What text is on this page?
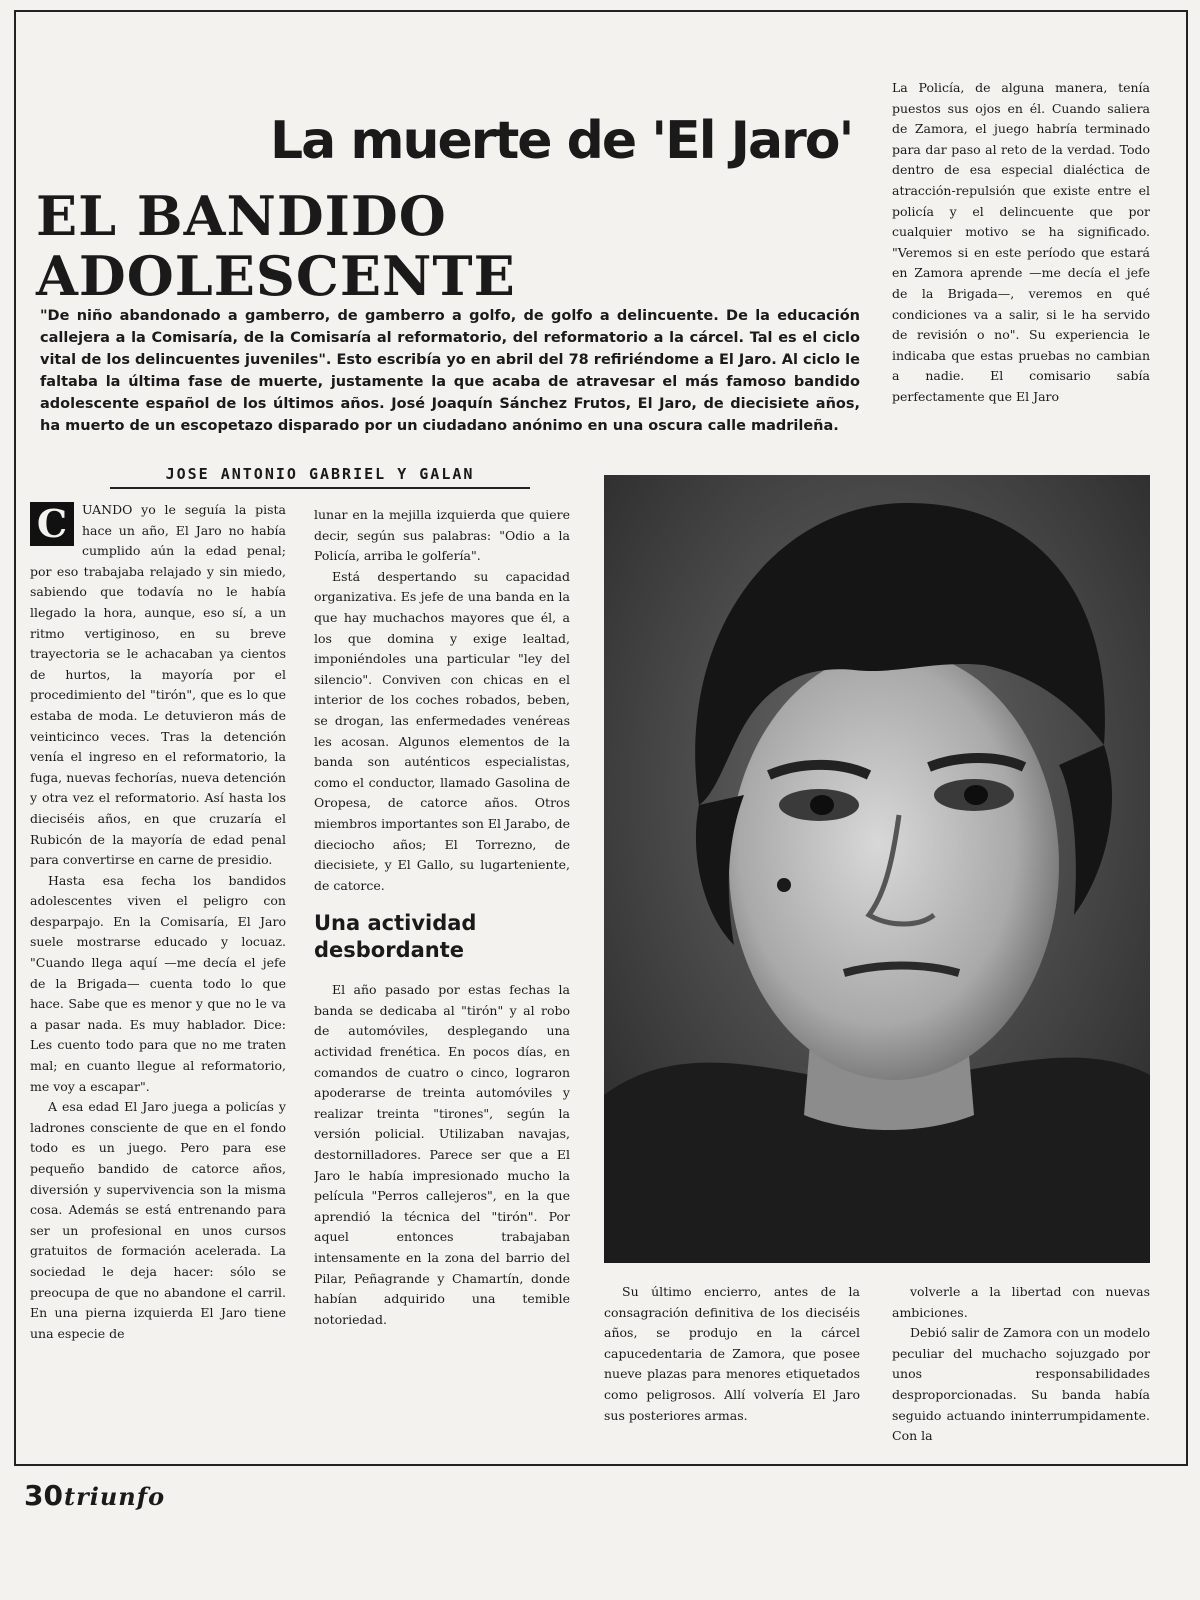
La muerte de 'El Jaro'
EL BANDIDO ADOLESCENTE

La Policía, de alguna manera, tenía puestos sus ojos en él. Cuando saliera de Zamora, el juego habría terminado para dar paso al reto de la verdad. Todo dentro de esa especial dialéctica de atracción-repulsión que existe entre el policía y el delincuente que por cualquier motivo se ha significado. "Veremos si en este período que estará en Zamora aprende —me decía el jefe de la Brigada—, veremos en qué condiciones va a salir, si le ha servido de revisión o no". Su experiencia le indicaba que estas pruebas no cambian a nadie. El comisario sabía perfectamente que El Jaro

"De niño abandonado a gamberro, de gamberro a golfo, de golfo a delincuente. De la educación callejera a la Comisaría, de la Comisaría al reformatorio, del reformatorio a la cárcel. Tal es el ciclo vital de los delincuentes juveniles". Esto escribía yo en abril del 78 refiriéndome a El Jaro. Al ciclo le faltaba la última fase de muerte, justamente la que acaba de atravesar el más famoso bandido adolescente español de los últimos años. José Joaquín Sánchez Frutos, El Jaro, de diecisiete años, ha muerto de un escopetazo disparado por un ciudadano anónimo en una oscura calle madrileña.

JOSE ANTONIO GABRIEL Y GALAN

C	UANDO yo le seguía la pista hace un año, El Jaro no había cumplido aún la edad penal; por eso trabajaba relajado y sin miedo, sabiendo que todavía no le había llegado la hora, aunque, eso sí, a un ritmo vertiginoso, en su breve trayectoria se le achacaban ya cientos de hurtos, la mayoría por el procedimiento del "tirón", que es lo que estaba de moda. Le detuvieron más de veinticinco veces. Tras la detención venía el ingreso en el reformatorio, la fuga, nuevas fechorías, nueva detención y otra vez el reformatorio. Así hasta los dieciséis años, en que cruzaría el Rubicón de la mayoría de edad penal para convertirse en carne de presidio.

Hasta esa fecha los bandidos adolescentes viven el peligro con desparpajo. En la Comisaría, El Jaro suele mostrarse educado y locuaz. "Cuando llega aquí —me decía el jefe de la Brigada— cuenta todo lo que hace. Sabe que es menor y que no le va a pasar nada. Es muy hablador. Dice: Les cuento todo para que no me traten mal; en cuanto llegue al reformatorio, me voy a escapar".

A esa edad El Jaro juega a policías y ladrones consciente de que en el fondo todo es un juego. Pero para ese pequeño bandido de catorce años, diversión y supervivencia son la misma cosa. Además se está entrenando para ser un profesional en unos cursos gratuitos de formación acelerada. La sociedad le deja hacer: sólo se preocupa de que no abandone el carril. En una pierna izquierda El Jaro tiene una especie de

lunar en la mejilla izquierda que quiere decir, según sus palabras: "Odio a la Policía, arriba le golfería".

Está despertando su capacidad organizativa. Es jefe de una banda en la que hay muchachos mayores que él, a los que domina y exige lealtad, imponiéndoles una particular "ley del silencio". Conviven con chicas en el interior de los coches robados, beben, se drogan, las enfermedades venéreas les acosan. Algunos elementos de la banda son auténticos especialistas, como el conductor, llamado Gasolina de Oropesa, de catorce años. Otros miembros importantes son El Jarabo, de dieciocho años; El Torrezno, de diecisiete, y El Gallo, su lugarteniente, de catorce.

Una actividad desbordante

El año pasado por estas fechas la banda se dedicaba al "tirón" y al robo de automóviles, desplegando una actividad frenética. En pocos días, en comandos de cuatro o cinco, lograron apoderarse de treinta automóviles y realizar treinta "tirones", según la versión policial. Utilizaban navajas, destornilladores. Parece ser que a El Jaro le había impresionado mucho la película "Perros callejeros", en la que aprendió la técnica del "tirón". Por aquel entonces trabajaban intensamente en la zona del barrio del Pilar, Peñagrande y Chamartín, donde habían adquirido una temible notoriedad.

Su último encierro, antes de la consagración definitiva de los dieciséis años, se produjo en la cárcel capucedentaria de Zamora, que posee nueve plazas para menores etiquetados como peligrosos. Allí volvería El Jaro sus posteriores armas.

volverle a la libertad con nuevas ambiciones.

Debió salir de Zamora con un modelo peculiar del muchacho sojuzgado por unos responsabilidades desproporcionadas. Su banda había seguido actuando ininterrumpidamente. Con la

30 triunfo
